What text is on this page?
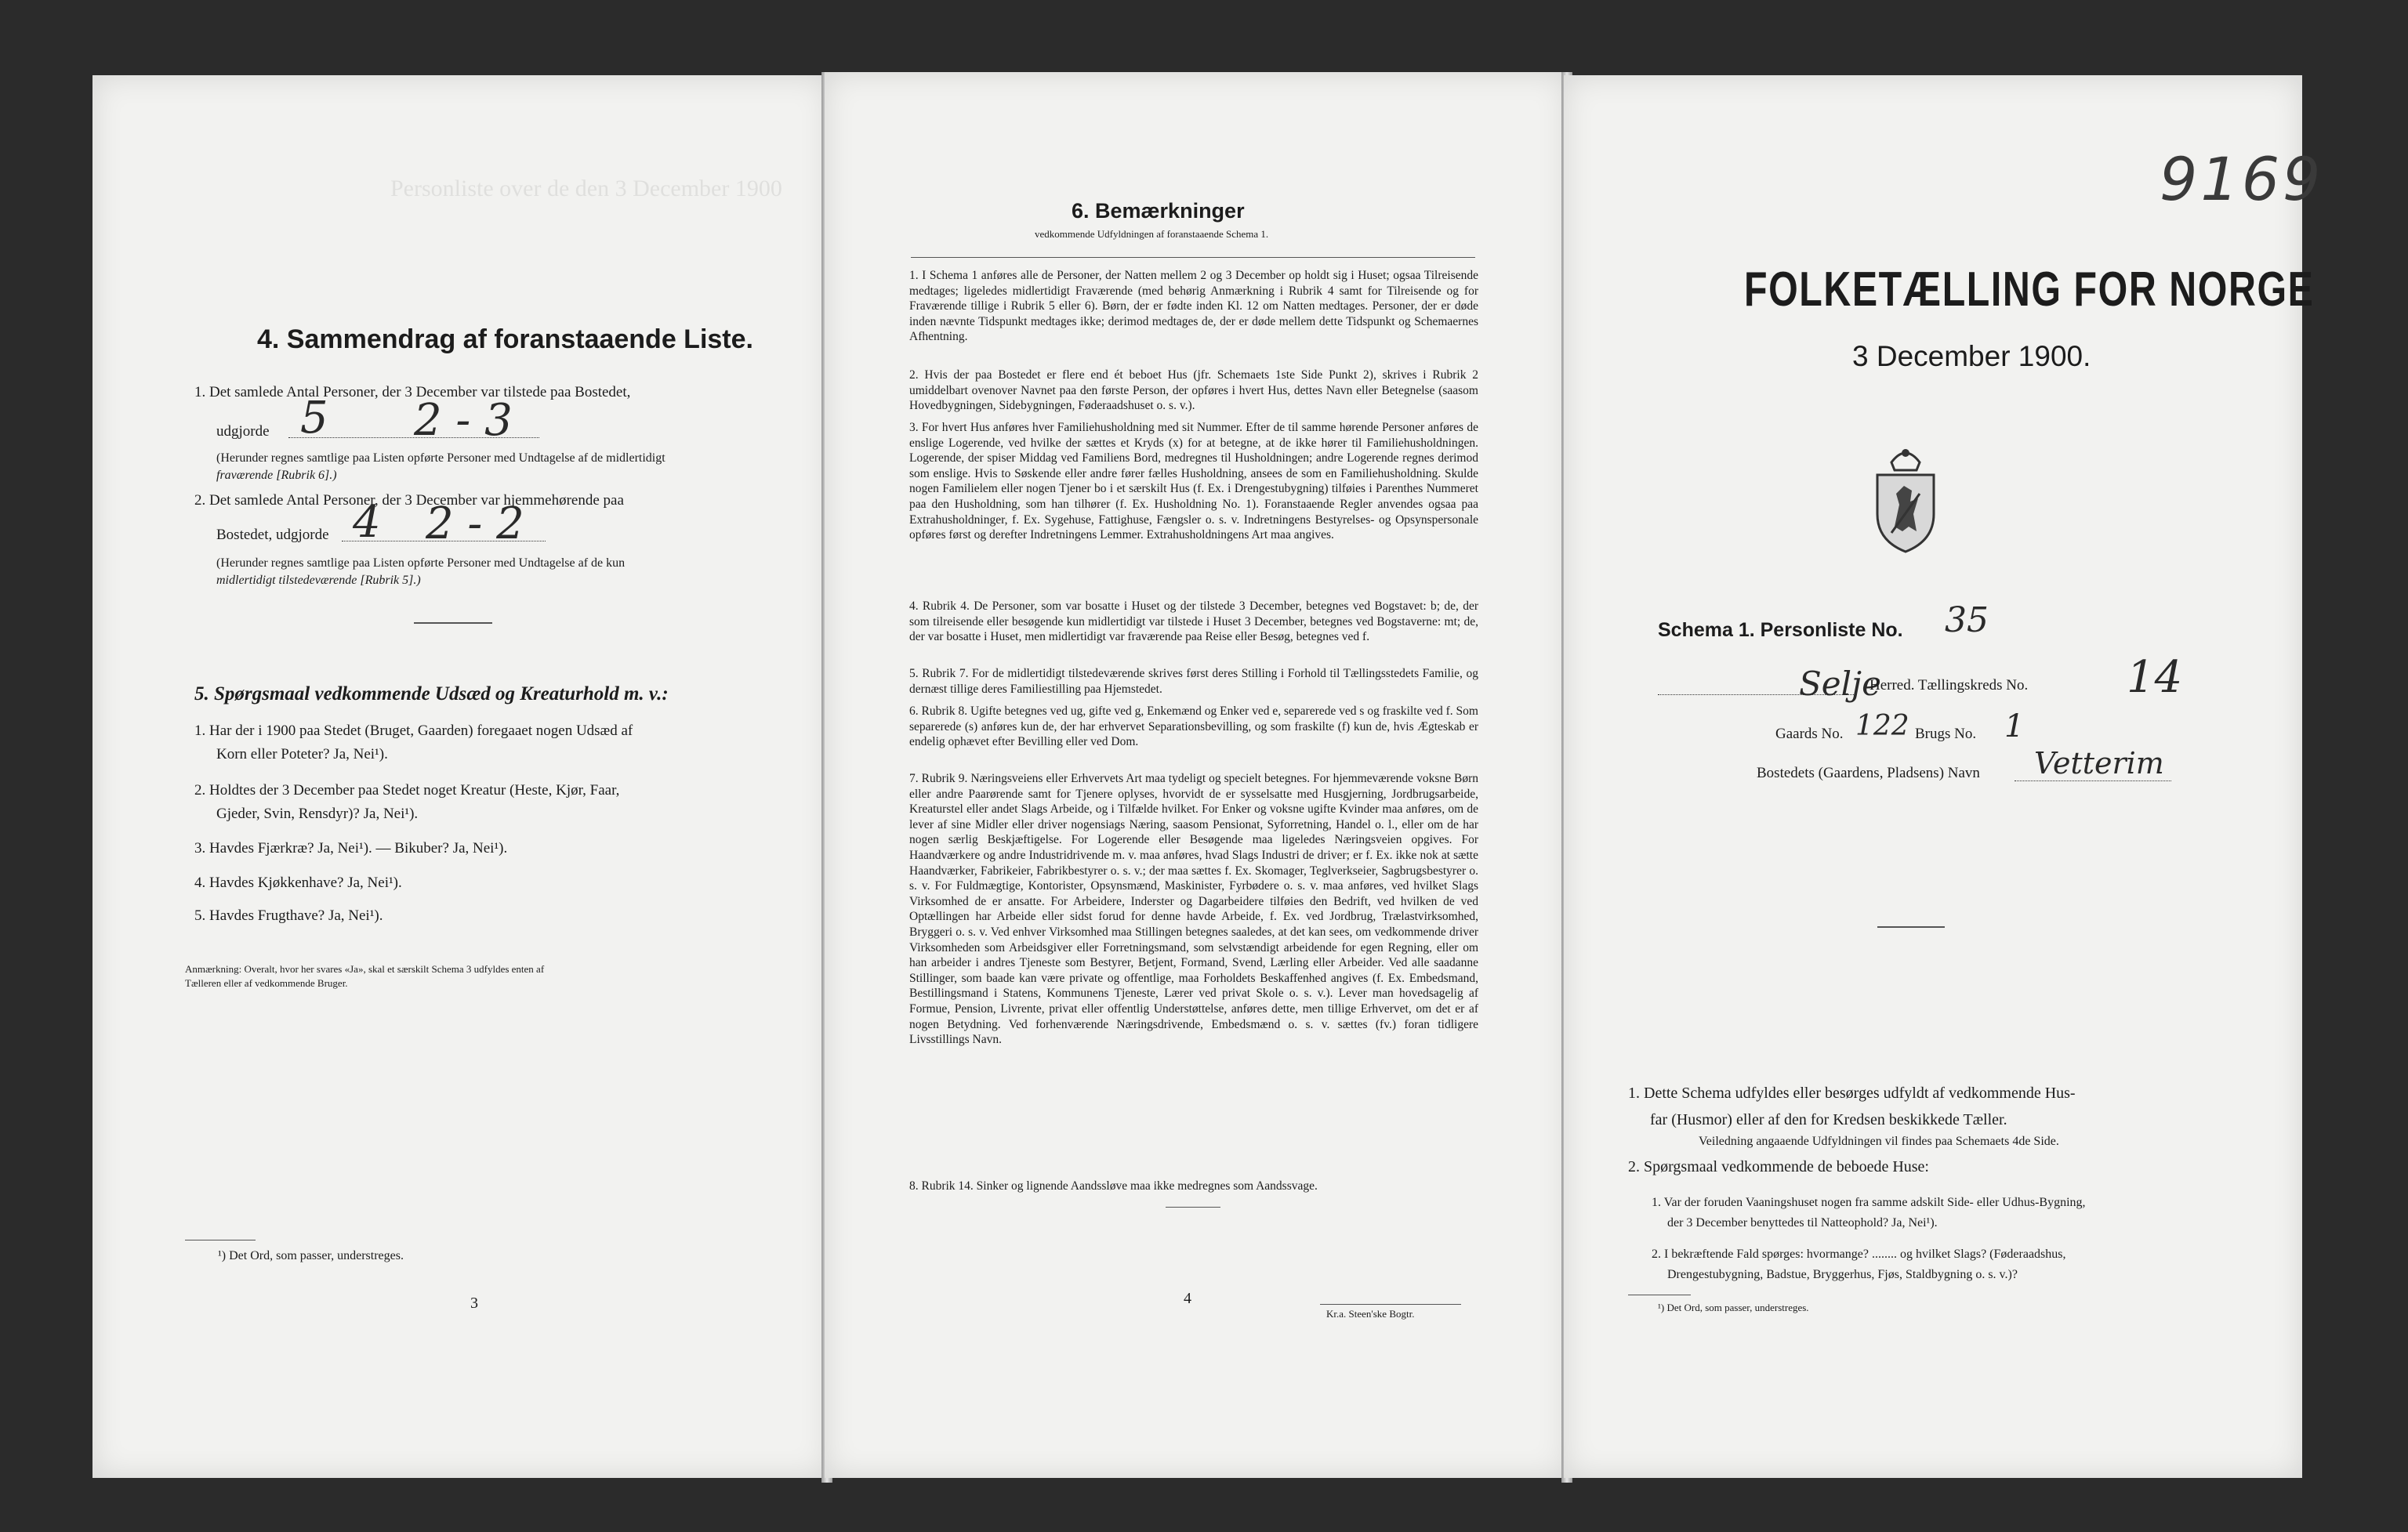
Personliste over de den 3 December 1900
4. Sammendrag af foranstaaende Liste.
1. Det samlede Antal Personer, der 3 December var tilstede paa Bostedet,
udgjorde 5 2 - 3
(Herunder regnes samtlige paa Listen opførte Personer med Undtagelse af de midlertidigt
fraværende [Rubrik 6].)
2. Det samlede Antal Personer, der 3 December var hjemmehørende paa
Bostedet, udgjorde 4 2 - 2
(Herunder regnes samtlige paa Listen opførte Personer med Undtagelse af de kun
midlertidigt tilstedeværende [Rubrik 5].)
5. Spørgsmaal vedkommende Udsæd og Kreaturhold m. v.:
1. Har der i 1900 paa Stedet (Bruget, Gaarden) foregaaet nogen Udsæd af
Korn eller Poteter? Ja, Nei¹).
2. Holdtes der 3 December paa Stedet noget Kreatur (Heste, Kjør, Faar,
Gjeder, Svin, Rensdyr)? Ja, Nei¹).
3. Havdes Fjærkræ? Ja, Nei¹). — Bikuber? Ja, Nei¹).
4. Havdes Kjøkkenhave? Ja, Nei¹).
5. Havdes Frugthave? Ja, Nei¹).
Anmærkning: Overalt, hvor her svares «Ja», skal et særskilt Schema 3 udfyldes enten af
Tælleren eller af vedkommende Bruger.
¹) Det Ord, som passer, understreges.
3
6. Bemærkninger
vedkommende Udfyldningen af foranstaaende Schema 1.
1. I Schema 1 anføres alle de Personer, der Natten mellem 2 og 3 December op holdt sig i Huset; ogsaa Tilreisende medtages; ligeledes midlertidigt Fraværende (med behørig Anmærkning i Rubrik 4 samt for Tilreisende og for Fraværende tillige i Rubrik 5 eller 6). Børn, der er fødte inden Kl. 12 om Natten medtages. Personer, der er døde inden nævnte Tidspunkt medtages ikke; derimod medtages de, der er døde mellem dette Tidspunkt og Schemaernes Afhentning.
2. Hvis der paa Bostedet er flere end ét beboet Hus (jfr. Schemaets 1ste Side Punkt 2), skrives i Rubrik 2 umiddelbart ovenover Navnet paa den første Person, der opføres i hvert Hus, dettes Navn eller Betegnelse (saasom Hovedbygningen, Sidebygningen, Føderaadshuset o. s. v.).
3. For hvert Hus anføres hver Familiehusholdning med sit Nummer. Efter de til samme hørende Personer anføres de enslige Logerende, ved hvilke der sættes et Kryds (x) for at betegne, at de ikke hører til Familiehusholdningen. Logerende, der spiser Middag ved Familiens Bord, medregnes til Husholdningen; andre Logerende regnes derimod som enslige. Hvis to Søskende eller andre fører fælles Husholdning, ansees de som en Familiehusholdning. Skulde nogen Familielem eller nogen Tjener bo i et særskilt Hus (f. Ex. i Drengestubygning) tilføies i Parenthes Nummeret paa den Husholdning, som han tilhører (f. Ex. Husholdning No. 1). Foranstaaende Regler anvendes ogsaa paa Extrahusholdninger, f. Ex. Sygehuse, Fattighuse, Fængsler o. s. v. Indretningens Bestyrelses- og Opsynspersonale opføres først og derefter Indretningens Lemmer. Extrahusholdningens Art maa angives.
4. Rubrik 4. De Personer, som var bosatte i Huset og der tilstede 3 December, betegnes ved Bogstavet: b; de, der som tilreisende eller besøgende kun midlertidigt var tilstede i Huset 3 December, betegnes ved Bogstaverne: mt; de, der var bosatte i Huset, men midlertidigt var fraværende paa Reise eller Besøg, betegnes ved f.
5. Rubrik 7. For de midlertidigt tilstedeværende skrives først deres Stilling i Forhold til Tællingsstedets Familie, og dernæst tillige deres Familiestilling paa Hjemstedet.
6. Rubrik 8. Ugifte betegnes ved ug, gifte ved g, Enkemænd og Enker ved e, separerede ved s og fraskilte ved f. Som separerede (s) anføres kun de, der har erhvervet Separationsbevilling, og som fraskilte (f) kun de, hvis Ægteskab er endelig ophævet efter Bevilling eller ved Dom.
7. Rubrik 9. Næringsveiens eller Erhvervets Art maa tydeligt og specielt betegnes. For hjemmeværende voksne Børn eller andre Paarørende samt for Tjenere oplyses, hvorvidt de er sysselsatte med Husgjerning, Jordbrugsarbeide, Kreaturstel eller andet Slags Arbeide, og i Tilfælde hvilket. For Enker og voksne ugifte Kvinder maa anføres, om de lever af sine Midler eller driver nogensiags Næring, saasom Pensionat, Syforretning, Handel o. l., eller om de har nogen særlig Beskjæftigelse. For Logerende eller Besøgende maa ligeledes Næringsveien opgives. For Haandværkere og andre Industridrivende m. v. maa anføres, hvad Slags Industri de driver; er f. Ex. ikke nok at sætte Haandværker, Fabrikeier, Fabrikbestyrer o. s. v.; der maa sættes f. Ex. Skomager, Teglverkseier, Sagbrugsbestyrer o. s. v. For Fuldmægtige, Kontorister, Opsynsmænd, Maskinister, Fyrbødere o. s. v. maa anføres, ved hvilket Slags Virksomhed de er ansatte. For Arbeidere, Inderster og Dagarbeidere tilføies den Bedrift, ved hvilken de ved Optællingen har Arbeide eller sidst forud for denne havde Arbeide, f. Ex. ved Jordbrug, Trælastvirksomhed, Bryggeri o. s. v. Ved enhver Virksomhed maa Stillingen betegnes saaledes, at det kan sees, om vedkommende driver Virksomheden som Arbeidsgiver eller Forretningsmand, som selvstændigt arbeidende for egen Regning, eller om han arbeider i andres Tjeneste som Bestyrer, Betjent, Formand, Svend, Lærling eller Arbeider. Ved alle saadanne Stillinger, som baade kan være private og offentlige, maa Forholdets Beskaffenhed angives (f. Ex. Embedsmand, Bestillingsmand i Statens, Kommunens Tjeneste, Lærer ved privat Skole o. s. v.). Lever man hovedsagelig af Formue, Pension, Livrente, privat eller offentlig Understøttelse, anføres dette, men tillige Erhvervet, om det er af nogen Betydning. Ved forhenværende Næringsdrivende, Embedsmænd o. s. v. sættes (fv.) foran tidligere Livsstillings Navn.
8. Rubrik 14. Sinker og lignende Aandssløve maa ikke medregnes som Aandssvage.
4
Kr.a. Steen'ske Bogtr.
9169
FOLKETÆLLING FOR NORGE
3 December 1900.
Schema 1. Personliste No. 35
Selje
Herred. Tællingskreds No. 14
Gaards No. 122 Brugs No. 1
Bostedets (Gaardens, Pladsens) Navn Vetterim
1. Dette Schema udfyldes eller besørges udfyldt af vedkommende Hus-
far (Husmor) eller af den for Kredsen beskikkede Tæller.
Veiledning angaaende Udfyldningen vil findes paa Schemaets 4de Side.
2. Spørgsmaal vedkommende de beboede Huse:
1. Var der foruden Vaaningshuset nogen fra samme adskilt Side- eller Udhus-Bygning,
der 3 December benyttedes til Natteophold? Ja, Nei¹).
2. I bekræftende Fald spørges: hvormange? ........ og hvilket Slags? (Føderaadshus,
Drengestubygning, Badstue, Bryggerhus, Fjøs, Staldbygning o. s. v.)?
¹) Det Ord, som passer, understreges.
